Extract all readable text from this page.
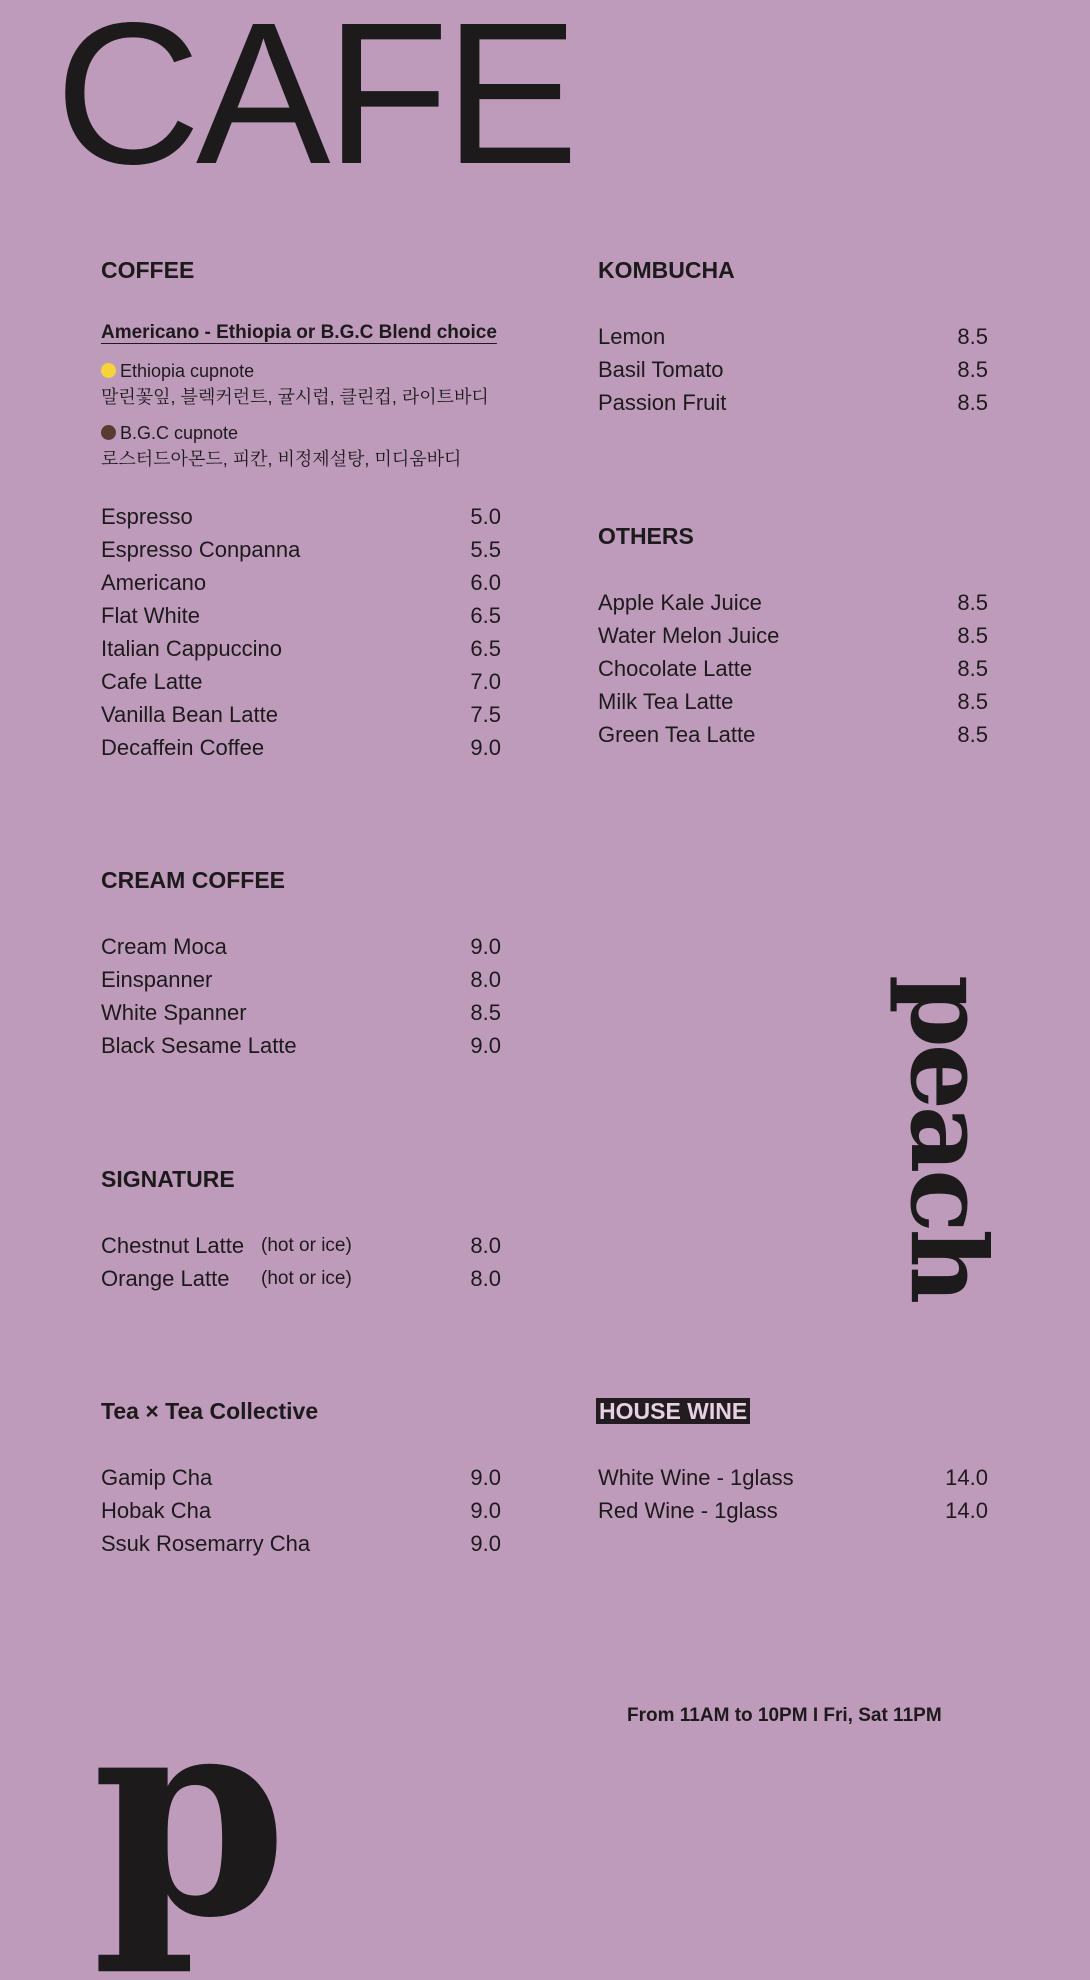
CAFE
COFFEE
Americano - Ethiopia or B.G.C Blend choice
Ethiopia cupnote
말린꽃잎, 블렉커런트, 귤시럽, 클린컵, 라이트바디
B.G.C cupnote
로스터드아몬드, 피칸, 비정제설탕, 미디움바디
Espresso	5.0
Espresso Conpanna	5.5
Americano	6.0
Flat White	6.5
Italian Cappuccino	6.5
Cafe Latte	7.0
Vanilla Bean Latte	7.5
Decaffein Coffee	9.0
CREAM COFFEE
Cream Moca	9.0
Einspanner	8.0
White Spanner	8.5
Black Sesame Latte	9.0
SIGNATURE
Chestnut Latte (hot or ice)	8.0
Orange Latte (hot or ice)	8.0
Tea × Tea Collective
Gamip Cha	9.0
Hobak Cha	9.0
Ssuk Rosemarry Cha	9.0
KOMBUCHA
Lemon	8.5
Basil Tomato	8.5
Passion Fruit	8.5
OTHERS
Apple Kale Juice	8.5
Water Melon Juice	8.5
Chocolate Latte	8.5
Milk Tea Latte	8.5
Green Tea Latte	8.5
HOUSE WINE
White Wine - 1glass	14.0
Red Wine - 1glass	14.0
peach
p	From 11AM to 10PM I Fri, Sat 11PM
